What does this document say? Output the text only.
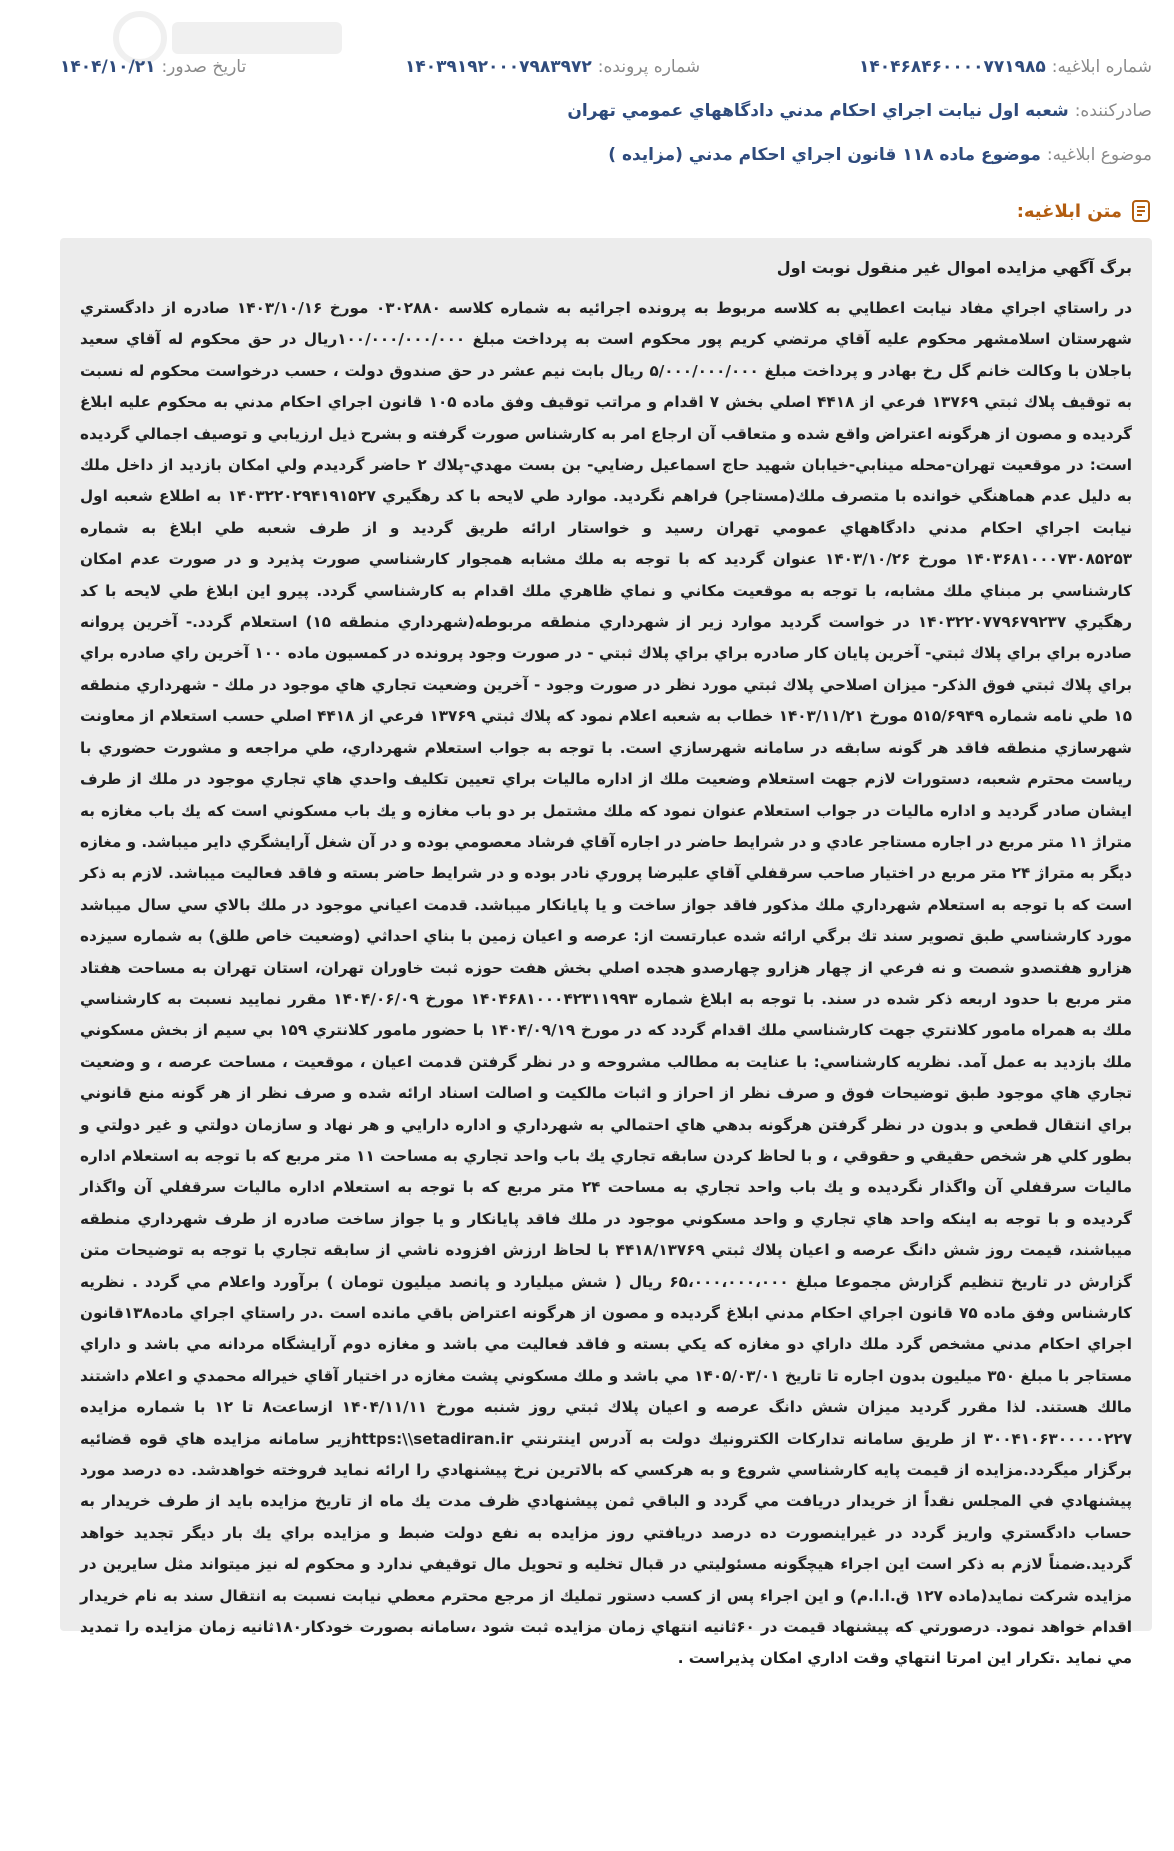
شماره ابلاغيه:
۱۴۰۴۶۸۴۶۰۰۰۰۷۷۱۹۸۵
شماره پرونده:
۱۴۰۳۹۱۹۲۰۰۰۷۹۸۳۹۷۲
تاريخ صدور:
۱۴۰۴/۱۰/۲۱
صادرکننده:
شعبه اول نيابت اجراي احکام مدني دادگاههاي عمومي تهران
موضوع ابلاغيه:
موضوع ماده ۱۱۸ قانون اجراي احكام مدني (مزايده )
متن ابلاغيه:

برگ آگهي مزايده اموال غير منقول نوبت اول

در راستاي اجراي مفاد نيابت اعطايي به كلاسه مربوط به پرونده اجرائيه به شماره كلاسه ۰۳۰۲۸۸۰ مورخ ۱۴۰۳/۱۰/۱۶ صادره از دادگستري شهرستان اسلامشهر محكوم عليه آقاي مرتضي كريم پور محكوم است به پرداخت مبلغ ۱۰۰/۰۰۰/۰۰۰/۰۰۰ريال در حق محكوم له آقاي سعيد باجلان با وكالت خانم گل رخ بهادر و پرداخت مبلغ ۵/۰۰۰/۰۰۰/۰۰۰ ريال بابت نيم عشر در حق صندوق دولت ، حسب درخواست محكوم له نسبت به توقيف پلاك ثبتي ۱۳۷۶۹ فرعي از ۴۴۱۸ اصلي بخش ۷ اقدام و مراتب توقيف وفق ماده ۱۰۵ قانون اجراي احكام مدني به محكوم عليه ابلاغ گرديده و مصون از هرگونه اعتراض واقع شده و متعاقب آن ارجاع امر به كارشناس صورت گرفته و بشرح ذيل ارزيابي و توصيف اجمالي گرديده است: در موقعيت تهران-محله مينابي-خيابان شهيد حاج اسماعيل رضايي- بن بست مهدي-پلاك ۲ حاضر گرديدم ولي امكان بازديد از داخل ملك به دليل عدم هماهنگي خوانده با متصرف ملك(مستاجر) فراهم نگرديد. موارد طي لايحه با كد رهگيري ۱۴۰۳۲۲۰۲۹۴۱۹۱۵۲۷ به اطلاع شعبه اول نيابت اجراي احكام مدني دادگاههاي عمومي تهران رسيد و خواستار ارائه طريق گرديد و از طرف شعبه طي ابلاغ به شماره ۱۴۰۳۶۸۱۰۰۰۷۳۰۸۵۲۵۳ مورخ ۱۴۰۳/۱۰/۲۶ عنوان گرديد كه با توجه به ملك مشابه همجوار كارشناسي صورت پذيرد و در صورت عدم امكان كارشناسي بر مبناي ملك مشابه، با توجه به موقعيت مكاني و نماي ظاهري ملك اقدام به كارشناسي گردد. پيرو اين ابلاغ طي لايحه با كد رهگيري ۱۴۰۳۲۲۰۷۷۹۶۷۹۲۳۷ در خواست گرديد موارد زير از شهرداري منطقه مربوطه(شهرداري منطقه ۱۵) استعلام گردد.- آخرين پروانه صادره براي براي پلاك ثبتي- آخرين پايان كار صادره براي براي پلاك ثبتي - در صورت وجود پرونده در كمسيون ماده ۱۰۰ آخرين راي صادره براي براي پلاك ثبتي فوق الذكر- ميزان اصلاحي پلاك ثبتي مورد نظر در صورت وجود - آخرين وضعيت تجاري هاي موجود در ملك - شهرداري منطقه ۱۵ طي نامه شماره ۵۱۵/۶۹۴۹ مورخ ۱۴۰۳/۱۱/۲۱ خطاب به شعبه اعلام نمود كه پلاك ثبتي ۱۳۷۶۹ فرعي از ۴۴۱۸ اصلي حسب استعلام از معاونت شهرسازي منطقه فاقد هر گونه سابقه در سامانه شهرسازي است. با توجه به جواب استعلام شهرداري، طي مراجعه و مشورت حضوري با رياست محترم شعبه، دستورات لازم جهت استعلام وضعيت ملك از اداره ماليات براي تعيين تكليف واحدي هاي تجاري موجود در ملك از طرف ايشان صادر گرديد و اداره ماليات در جواب استعلام عنوان نمود كه ملك مشتمل بر دو باب مغازه و يك باب مسكوني است كه يك باب مغازه به متراژ ۱۱ متر مربع در اجاره مستاجر عادي و در شرايط حاضر در اجاره آقاي فرشاد معصومي بوده و در آن شغل آرايشگري داير ميباشد. و مغازه ديگر به متراژ ۲۴ متر مربع در اختيار صاحب سرقفلي آقاي عليرضا پروري نادر بوده و در شرايط حاضر بسته و فاقد فعاليت ميباشد. لازم به ذكر است كه با توجه به استعلام شهرداري ملك مذكور فاقد جواز ساخت و يا پايانكار ميباشد. قدمت اعياني موجود در ملك بالاي سي سال ميباشد مورد كارشناسي طبق تصوير سند تك برگي ارائه شده عبارتست از: عرصه و اعيان زمين با بناي احداثي (وضعيت خاص طلق) به شماره سيزده هزارو هفتصدو شصت و نه فرعي از چهار هزارو چهارصدو هجده اصلي بخش هفت حوزه ثبت خاوران تهران، استان تهران به مساحت هفتاد متر مربع با حدود اربعه ذكر شده در سند. با توجه به ابلاغ شماره ۱۴۰۴۶۸۱۰۰۰۴۲۳۱۱۹۹۳ مورخ ۱۴۰۴/۰۶/۰۹ مقرر نماييد نسبت به كارشناسي ملك به همراه مامور كلانتري جهت كارشناسي ملك اقدام گردد كه در مورخ ۱۴۰۴/۰۹/۱۹ با حضور مامور كلانتري ۱۵۹ بي سيم از بخش مسكوني ملك بازديد به عمل آمد. نظريه كارشناسي: با عنايت به مطالب مشروحه و در نظر گرفتن قدمت اعيان ، موقعيت ، مساحت عرصه ، و وضعيت تجاري هاي موجود طبق توضيحات فوق و صرف نظر از احراز و اثبات مالكيت و اصالت اسناد ارائه شده و صرف نظر از هر گونه منع قانوني براي انتقال قطعي و بدون در نظر گرفتن هرگونه بدهي هاي احتمالي به شهرداري و اداره دارايي و هر نهاد و سازمان دولتي و غير دولتي و بطور كلي هر شخص حقيقي و حقوقي ، و با لحاظ كردن سابقه تجاري يك باب واحد تجاري به مساحت ۱۱ متر مربع كه با توجه به استعلام اداره ماليات سرقفلي آن واگذار نگرديده و يك باب واحد تجاري به مساحت ۲۴ متر مربع كه با توجه به استعلام اداره ماليات سرقفلي آن واگذار گرديده و با توجه به اينكه واحد هاي تجاري و واحد مسكوني موجود در ملك فاقد پايانكار و يا جواز ساخت صادره از طرف شهرداري منطقه ميباشند، قيمت روز شش دانگ عرصه و اعيان پلاك ثبتي ۴۴۱۸/۱۳۷۶۹ با لحاظ ارزش افزوده ناشي از سابقه تجاري با توجه به توضيحات متن گزارش در تاريخ تنظيم گزارش مجموعا مبلغ ۶۵،۰۰۰،۰۰۰،۰۰۰ ريال ( شش ميليارد و پانصد ميليون تومان ) برآورد واعلام مي گردد . نظريه كارشناس وفق ماده ۷۵ قانون اجراي احكام مدني ابلاغ گرديده و مصون از هرگونه اعتراض باقي مانده است .در راستاي اجراي ماده۱۳۸قانون اجراي احكام مدني مشخص گرد ملك داراي دو مغازه كه يكي بسته و فاقد فعاليت مي باشد و مغازه دوم آرايشگاه مردانه مي باشد و داراي مستاجر با مبلغ ۳۵۰ ميليون بدون اجاره تا تاريخ ۱۴۰۵/۰۳/۰۱ مي باشد و ملك مسكوني پشت مغازه در اختيار آقاي خيراله محمدي و اعلام داشتند مالك هستند. لذا مقرر گرديد ميزان شش دانگ عرصه و اعيان پلاك ثبتي روز شنبه مورخ ۱۴۰۴/۱۱/۱۱ ازساعت۸ تا ۱۲ با شماره مزايده ۳۰۰۴۱۰۶۳۰۰۰۰۰۲۲۷ از طريق سامانه تداركات الكترونيك دولت به آدرس اينترنتي https:\\setadiran.irزير سامانه مزايده هاي قوه قضائيه برگزار ميگردد.مزايده از قيمت پايه كارشناسي شروع و به هركسي كه بالاترين نرخ پيشنهادي را ارائه نمايد فروخته خواهدشد. ده درصد مورد پيشنهادي في المجلس نقداً از خريدار دريافت مي گردد و الباقي ثمن پيشنهادي ظرف مدت يك ماه از تاريخ مزايده بايد از طرف خريدار به حساب دادگستري واريز گردد در غيراينصورت ده درصد دريافتي روز مزايده به نفع دولت ضبط و مزايده براي يك بار ديگر تجديد خواهد گرديد.ضمناً لازم به ذكر است اين اجراء هيچگونه مسئوليتي در قبال تخليه و تحويل مال توقيفي ندارد و محكوم له نيز ميتواند مثل سايرين در مزايده شركت نمايد(ماده ۱۲۷ ق.ا.ا.م) و اين اجراء پس از كسب دستور تمليك از مرجع محترم معطي نيابت نسبت به انتقال سند به نام خريدار اقدام خواهد نمود. درصورتي كه پيشنهاد قيمت در ۶۰ثانيه انتهاي زمان مزايده ثبت شود ،سامانه بصورت خودكار۱۸۰ثانيه زمان مزايده را تمديد مي نمايد .تكرار اين امرتا انتهاي وقت اداري امكان پذيراست .
